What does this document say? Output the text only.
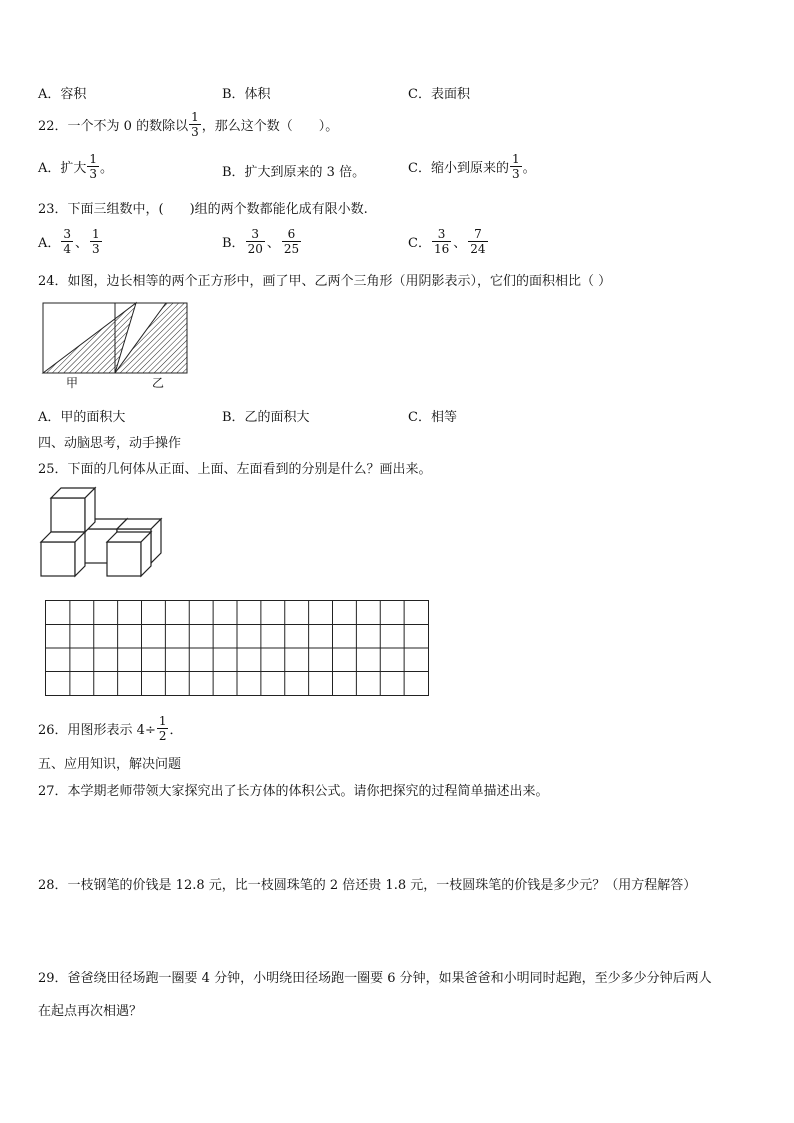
A．容积	B．体积	C．表面积
22．一个不为 0 的数除以 $\frac{1}{3}$ ，那么这个数（　　）。
A．扩大 $\frac{1}{3}$ 。	B．扩大到原来的 3 倍。	C．缩小到原来的 $\frac{1}{3}$ 。
23．下面三组数中，(　　)组的两个数都能化成有限小数.
A． $\frac{3}{4}$ 、 $\frac{1}{3}$	B． $\frac{3}{20}$ 、 $\frac{6}{25}$	C． $\frac{3}{16}$ 、 $\frac{7}{24}$
24．如图，边长相等的两个正方形中，画了甲、乙两个三角形（用阴影表示），它们的面积相比（ ）
甲	乙
A．甲的面积大	B．乙的面积大	C．相等
四、动脑思考，动手操作
25．下面的几何体从正面、上面、左面看到的分别是什么？画出来。
26．用图形表示 $4\div \frac{1}{2}$ ．
五、应用知识，解决问题
27．本学期老师带领大家探究出了长方体的体积公式。请你把探究的过程简单描述出来。
28．一枝钢笔的价钱是 12.8 元，比一枝圆珠笔的 2 倍还贵 1.8 元，一枝圆珠笔的价钱是多少元？（用方程解答）
29．爸爸绕田径场跑一圈要 4 分钟，小明绕田径场跑一圈要 6 分钟，如果爸爸和小明同时起跑，至少多少分钟后两人
在起点再次相遇？
